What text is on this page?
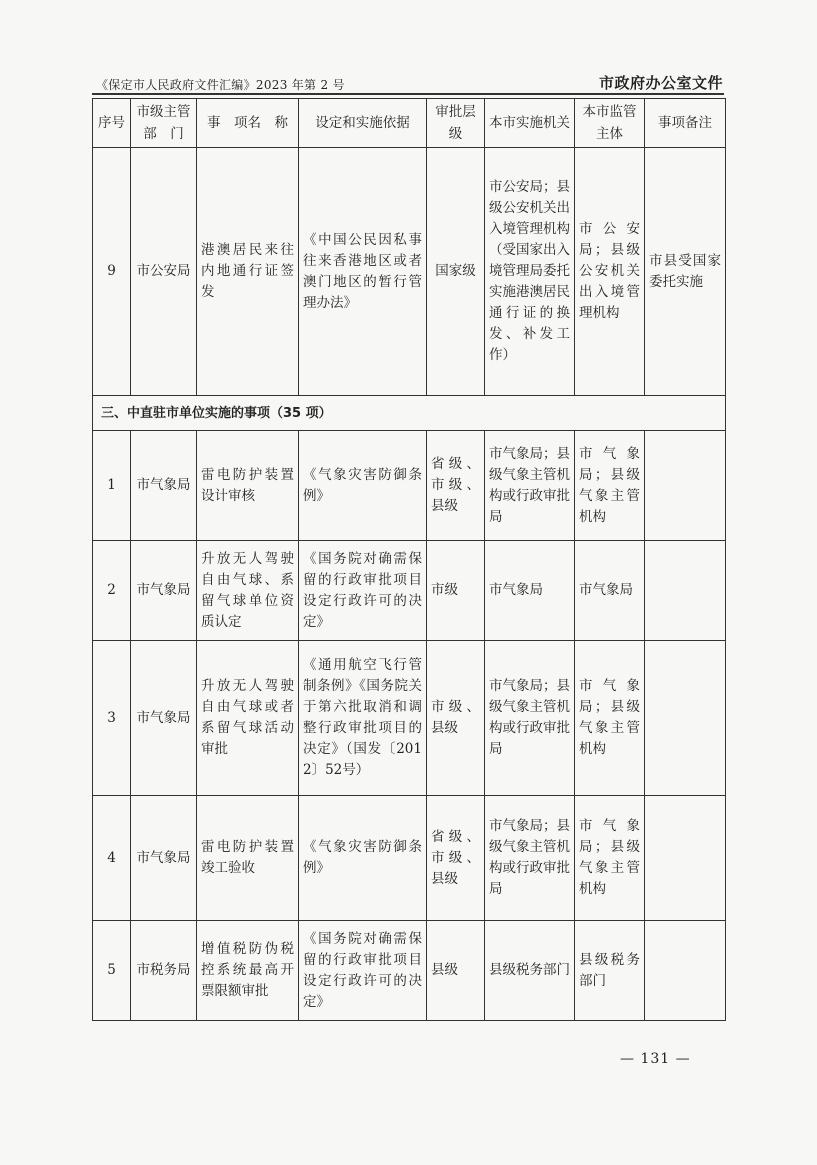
《保定市人民政府文件汇编》2023 年第 2 号	市政府办公室文件
序号	市级主管部　门	事　项名　称	设定和实施依据	审批层级	本市实施机关	本市监管主体	事项备注
9	市公安局	港澳居民来往内地通行证签发	《中国公民因私事往来香港地区或者澳门地区的暂行管理办法》	国家级	市公安局；县级公安机关出入境管理机构（受国家出入境管理局委托实施港澳居民通行证的换发、补发工作）	市公安局；县级公安机关出入境管理机构	市县受国家委托实施
三、中直驻市单位实施的事项（35 项）							
1	市气象局	雷电防护装置设计审核	《气象灾害防御条例》	省级、市级、县级	市气象局；县级气象主管机构或行政审批局	市气象局；县级气象主管机构	
2	市气象局	升放无人驾驶自由气球、系留气球单位资质认定	《国务院对确需保留的行政审批项目设定行政许可的决定》	市级	市气象局	市气象局	
3	市气象局	升放无人驾驶自由气球或者系留气球活动审批	《通用航空飞行管制条例》《国务院关于第六批取消和调整行政审批项目的决定》（国发〔2012〕52号）	市级、县级	市气象局；县级气象主管机构或行政审批局	市气象局；县级气象主管机构	
4	市气象局	雷电防护装置竣工验收	《气象灾害防御条例》	省级、市级、县级	市气象局；县级气象主管机构或行政审批局	市气象局；县级气象主管机构	
5	市税务局	增值税防伪税控系统最高开票限额审批	《国务院对确需保留的行政审批项目设定行政许可的决定》	县级	县级税务部门	县级税务部门	
— 131 —
